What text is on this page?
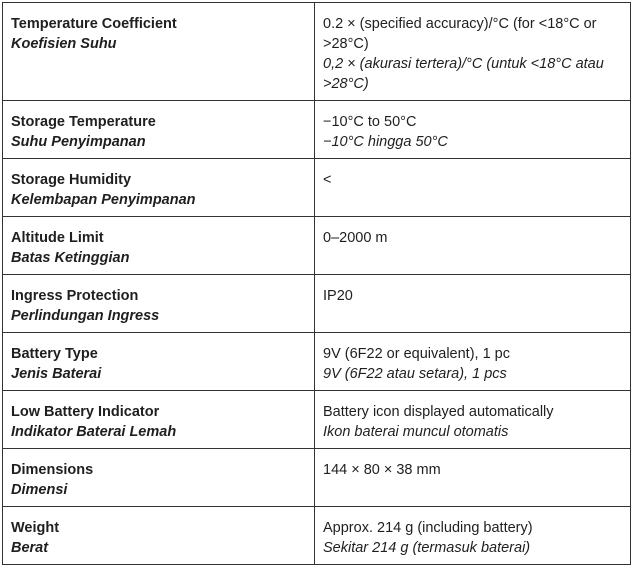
Temperature Coefficient
Koefisien Suhu	0.2 × (specified accuracy)/°C (for <18°C or >28°C)
0,2 × (akurasi tertera)/°C (untuk <18°C atau >28°C)

Storage Temperature
Suhu Penyimpanan	−10°C to 50°C
−10°C hingga 50°C

Storage Humidity
Kelembapan Penyimpanan	<

Altitude Limit
Batas Ketinggian	0–2000 m

Ingress Protection
Perlindungan Ingress	IP20

Battery Type
Jenis Baterai	9V (6F22 or equivalent), 1 pc
9V (6F22 atau setara), 1 pcs

Low Battery Indicator
Indikator Baterai Lemah	Battery icon displayed automatically
Ikon baterai muncul otomatis

Dimensions
Dimensi	144 × 80 × 38 mm

Weight
Berat	Approx. 214 g (including battery)
Sekitar 214 g (termasuk baterai)
